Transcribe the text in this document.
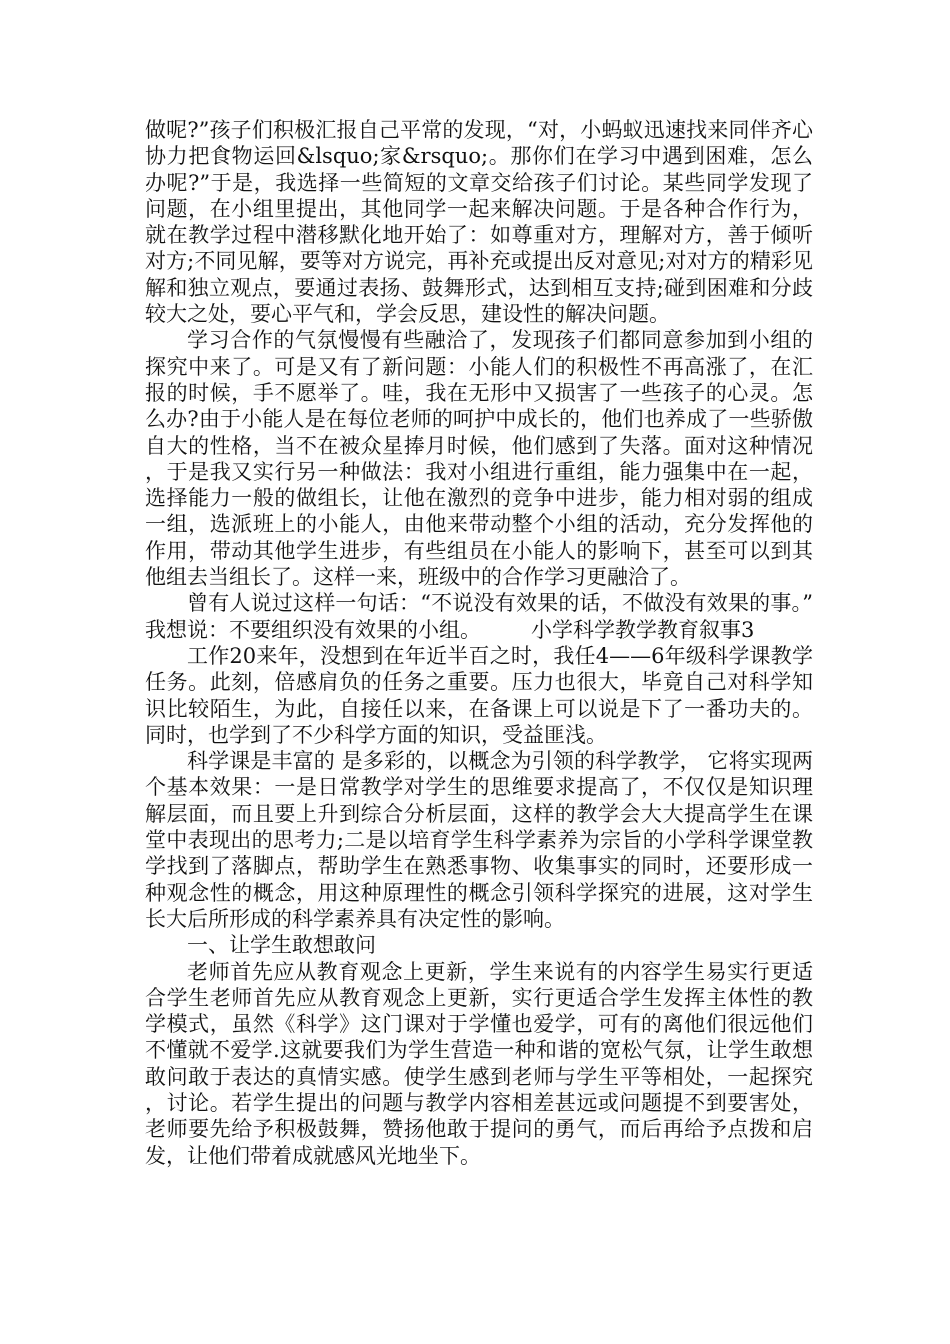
做呢?”孩子们积极汇报自己平常的发现，“对，小蚂蚁迅速找来同伴齐心协力把食物运回&lsquo;家&rsquo;。那你们在学习中遇到困难，怎么办呢?”于是，我选择一些简短的文章交给孩子们讨论。某些同学发现了问题，在小组里提出，其他同学一起来解决问题。于是各种合作行为，就在教学过程中潜移默化地开始了：如尊重对方，理解对方，善于倾听对方;不同见解，要等对方说完，再补充或提出反对意见;对对方的精彩见解和独立观点，要通过表扬、鼓舞形式，达到相互支持;碰到困难和分歧较大之处，要心平气和，学会反思，建设性的解决问题。

学习合作的气氛慢慢有些融洽了，发现孩子们都同意参加到小组的探究中来了。可是又有了新问题：小能人们的积极性不再高涨了，在汇报的时候，手不愿举了。哇，我在无形中又损害了一些孩子的心灵。怎么办?由于小能人是在每位老师的呵护中成长的，他们也养成了一些骄傲自大的性格，当不在被众星捧月时候，他们感到了失落。面对这种情况，于是我又实行另一种做法：我对小组进行重组，能力强集中在一起，选择能力一般的做组长，让他在激烈的竞争中进步，能力相对弱的组成一组，选派班上的小能人，由他来带动整个小组的活动，充分发挥他的作用，带动其他学生进步，有些组员在小能人的影响下，甚至可以到其他组去当组长了。这样一来，班级中的合作学习更融洽了。

曾有人说过这样一句话：“不说没有效果的话，不做没有效果的事。”我想说：不要组织没有效果的小组。 小学科学教学教育叙事3

工作20来年，没想到在年近半百之时，我任4——6年级科学课教学任务。此刻，倍感肩负的任务之重要。压力也很大，毕竟自己对科学知识比较陌生，为此，自接任以来，在备课上可以说是下了一番功夫的。同时，也学到了不少科学方面的知识，受益匪浅。

科学课是丰富的 是多彩的，以概念为引领的科学教学， 它将实现两个基本效果：一是日常教学对学生的思维要求提高了，不仅仅是知识理解层面，而且要上升到综合分析层面，这样的教学会大大提高学生在课堂中表现出的思考力;二是以培育学生科学素养为宗旨的小学科学课堂教学找到了落脚点，帮助学生在熟悉事物、收集事实的同时，还要形成一种观念性的概念，用这种原理性的概念引领科学探究的进展，这对学生长大后所形成的科学素养具有决定性的影响。

一、让学生敢想敢问

老师首先应从教育观念上更新，学生来说有的内容学生易实行更适合学生老师首先应从教育观念上更新，实行更适合学生发挥主体性的教学模式，虽然《科学》这门课对于学懂也爱学，可有的离他们很远他们不懂就不爱学.这就要我们为学生营造一种和谐的宽松气氛，让学生敢想敢问敢于表达的真情实感。使学生感到老师与学生平等相处，一起探究，讨论。若学生提出的问题与教学内容相差甚远或问题提不到要害处，老师要先给予积极鼓舞，赞扬他敢于提问的勇气，而后再给予点拨和启发，让他们带着成就感风光地坐下。
